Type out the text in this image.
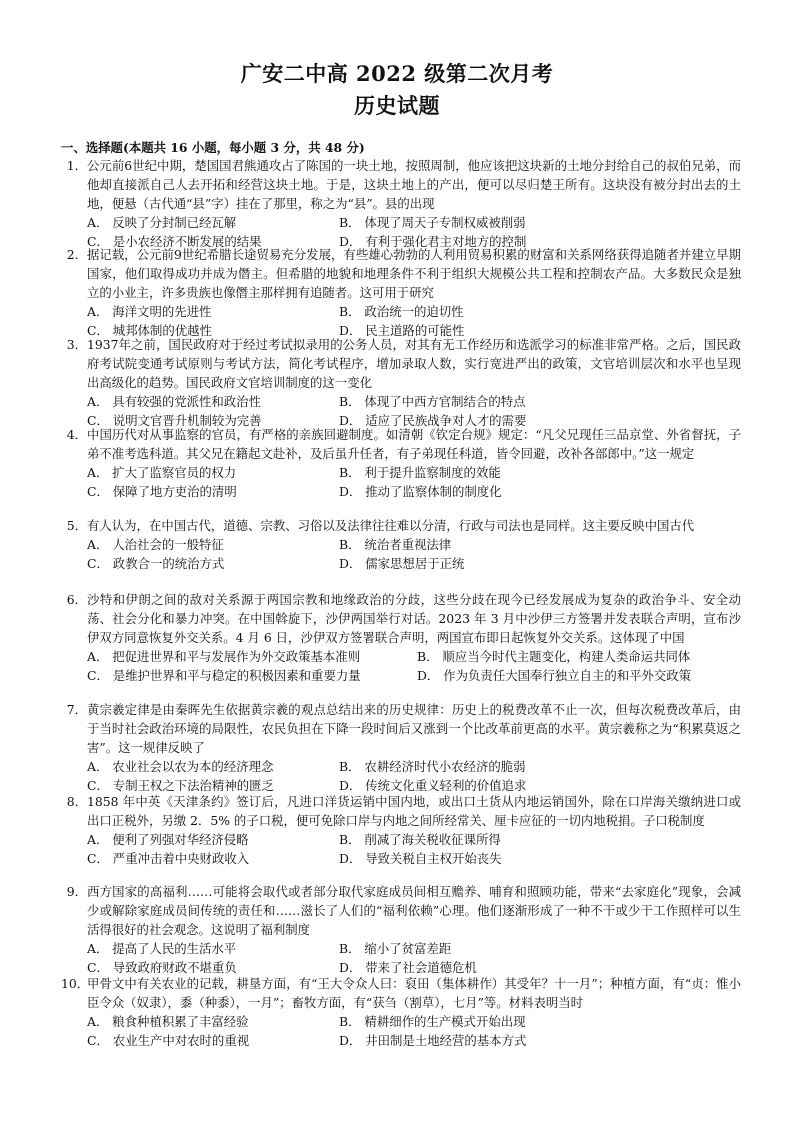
广安二中高 2022 级第二次月考
历史试题
一、选择题(本题共 16 小题，每小题 3 分，共 48 分)
1． 公元前6世纪中期，楚国国君熊通攻占了陈国的一块土地，按照周制，他应该把这块新的土地分封给自己的叔伯兄弟，而他却直接派自己人去开拓和经营这块土地。于是，这块土地上的产出，便可以尽归楚王所有。这块没有被分封出去的土地，便悬（古代通“县”字）挂在了那里，称之为“县”。县的出现
A． 反映了分封制已经瓦解	B． 体现了周天子专制权威被削弱
C． 是小农经济不断发展的结果	D． 有利于强化君主对地方的控制
2． 据记载，公元前9世纪希腊长途贸易充分发展，有些雄心勃勃的人利用贸易积累的财富和关系网络获得追随者并建立早期国家，他们取得成功并成为僭主。但希腊的地貌和地理条件不利于组织大规模公共工程和控制农产品。大多数民众是独立的小业主，许多贵族也像僭主那样拥有追随者。这可用于研究
A． 海洋文明的先进性	B． 政治统一的迫切性
C． 城邦体制的优越性	D． 民主道路的可能性
3． 1937年之前，国民政府对于经过考试拟录用的公务人员，对其有无工作经历和选派学习的标准非常严格。之后，国民政府考试院变通考试原则与考试方法，简化考试程序，增加录取人数，实行宽进严出的政策，文官培训层次和水平也呈现出高级化的趋势。国民政府文官培训制度的这一变化
A． 具有较强的党派性和政治性	B． 体现了中西方官制结合的特点
C． 说明文官晋升机制较为完善	D． 适应了民族战争对人才的需要
4． 中国历代对从事监察的官员，有严格的亲族回避制度。如清朝《钦定台规》规定：“凡父兄现任三品京堂、外省督抚，子弟不准考选科道。其父兄在籍起文赴补，及后虽升任者，有子弟现任科道，皆令回避，改补各部郎中。”这一规定
A． 扩大了监察官员的权力	B． 利于提升监察制度的效能
C． 保障了地方吏治的清明	D． 推动了监察体制的制度化
5． 有人认为，在中国古代，道德、宗教、习俗以及法律往往难以分清，行政与司法也是同样。这主要反映中国古代
A． 人治社会的一般特征	B． 统治者重视法律
C． 政教合一的统治方式	D． 儒家思想居于正统
6． 沙特和伊朗之间的敌对关系源于两国宗教和地缘政治的分歧，这些分歧在现今已经发展成为复杂的政治争斗、安全动荡、社会分化和暴力冲突。在中国斡旋下，沙伊两国举行对话。2023 年 3 月中沙伊三方签署并发表联合声明，宣布沙伊双方同意恢复外交关系。4 月 6 日，沙伊双方签署联合声明，两国宣布即日起恢复外交关系。这体现了中国
A． 把促进世界和平与发展作为外交政策基本准则	B． 顺应当今时代主题变化，构建人类命运共同体
C． 是维护世界和平与稳定的积极因素和重要力量	D． 作为负责任大国奉行独立自主的和平外交政策
7． 黄宗羲定律是由秦晖先生依据黄宗羲的观点总结出来的历史规律：历史上的税费改革不止一次，但每次税费改革后，由于当时社会政治环境的局限性，农民负担在下降一段时间后又涨到一个比改革前更高的水平。黄宗羲称之为“积累莫返之害”。这一规律反映了
A． 农业社会以农为本的经济理念	B． 农耕经济时代小农经济的脆弱
C． 专制王权之下法治精神的匮乏	D． 传统文化重义轻利的价值追求
8． 1858 年中英《天津条约》签订后，凡进口洋货运销中国内地，或出口土货从内地运销国外，除在口岸海关缴纳进口或出口正税外，另缴 2．5% 的子口税，便可免除口岸与内地之间所经常关、厘卡应征的一切内地税捐。子口税制度
A． 便利了列强对华经济侵略	B． 削减了海关税收征课所得
C． 严重冲击着中央财政收入	D． 导致关税自主权开始丧失
9． 西方国家的高福利……可能将会取代或者部分取代家庭成员间相互赡养、哺育和照顾功能，带来“去家庭化”现象，会减少或解除家庭成员间传统的责任和……滋长了人们的“福利依赖”心理。他们逐渐形成了一种不干或少干工作照样可以生活得很好的社会观念。这说明了福利制度
A． 提高了人民的生活水平	B． 缩小了贫富差距
C． 导致政府财政不堪重负	D． 带来了社会道德危机
10．
甲骨文中有关农业的记载，耕垦方面，有“王大令众人曰：裒田（集体耕作）其受年？十一月”；种植方面，有“贞：惟小臣令众（奴隶），黍（种黍），一月”；畜牧方面，有“获刍（割草），七月”等。材料表明当时
A． 粮食种植积累了丰富经验	B． 精耕细作的生产模式开始出现
C． 农业生产中对农时的重视	D． 井田制是土地经营的基本方式
